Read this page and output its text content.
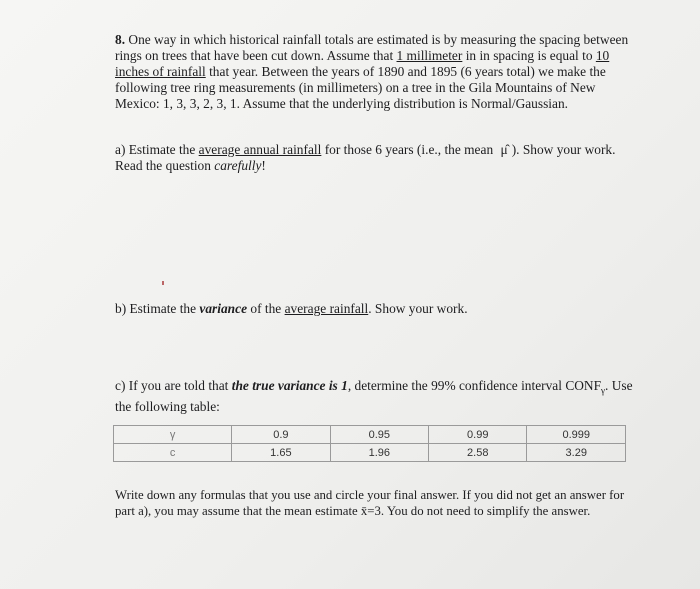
8. One way in which historical rainfall totals are estimated is by measuring the spacing between rings on trees that have been cut down. Assume that 1 millimeter in in spacing is equal to 10 inches of rainfall that year. Between the years of 1890 and 1895 (6 years total) we make the following tree ring measurements (in millimeters) on a tree in the Gila Mountains of New Mexico: 1, 3, 3, 2, 3, 1. Assume that the underlying distribution is Normal/Gaussian.
a) Estimate the average annual rainfall for those 6 years (i.e., the mean μ̂ ). Show your work. Read the question carefully!
b) Estimate the variance of the average rainfall. Show your work.
c) If you are told that the true variance is 1, determine the 99% confidence interval $CONF_\gamma$. Use the following table:
γ	0.9	0.95	0.99	0.999
c	1.65	1.96	2.58	3.29
Write down any formulas that you use and circle your final answer. If you did not get an answer for part a), you may assume that the mean estimate x̄=3. You do not need to simplify the answer.
